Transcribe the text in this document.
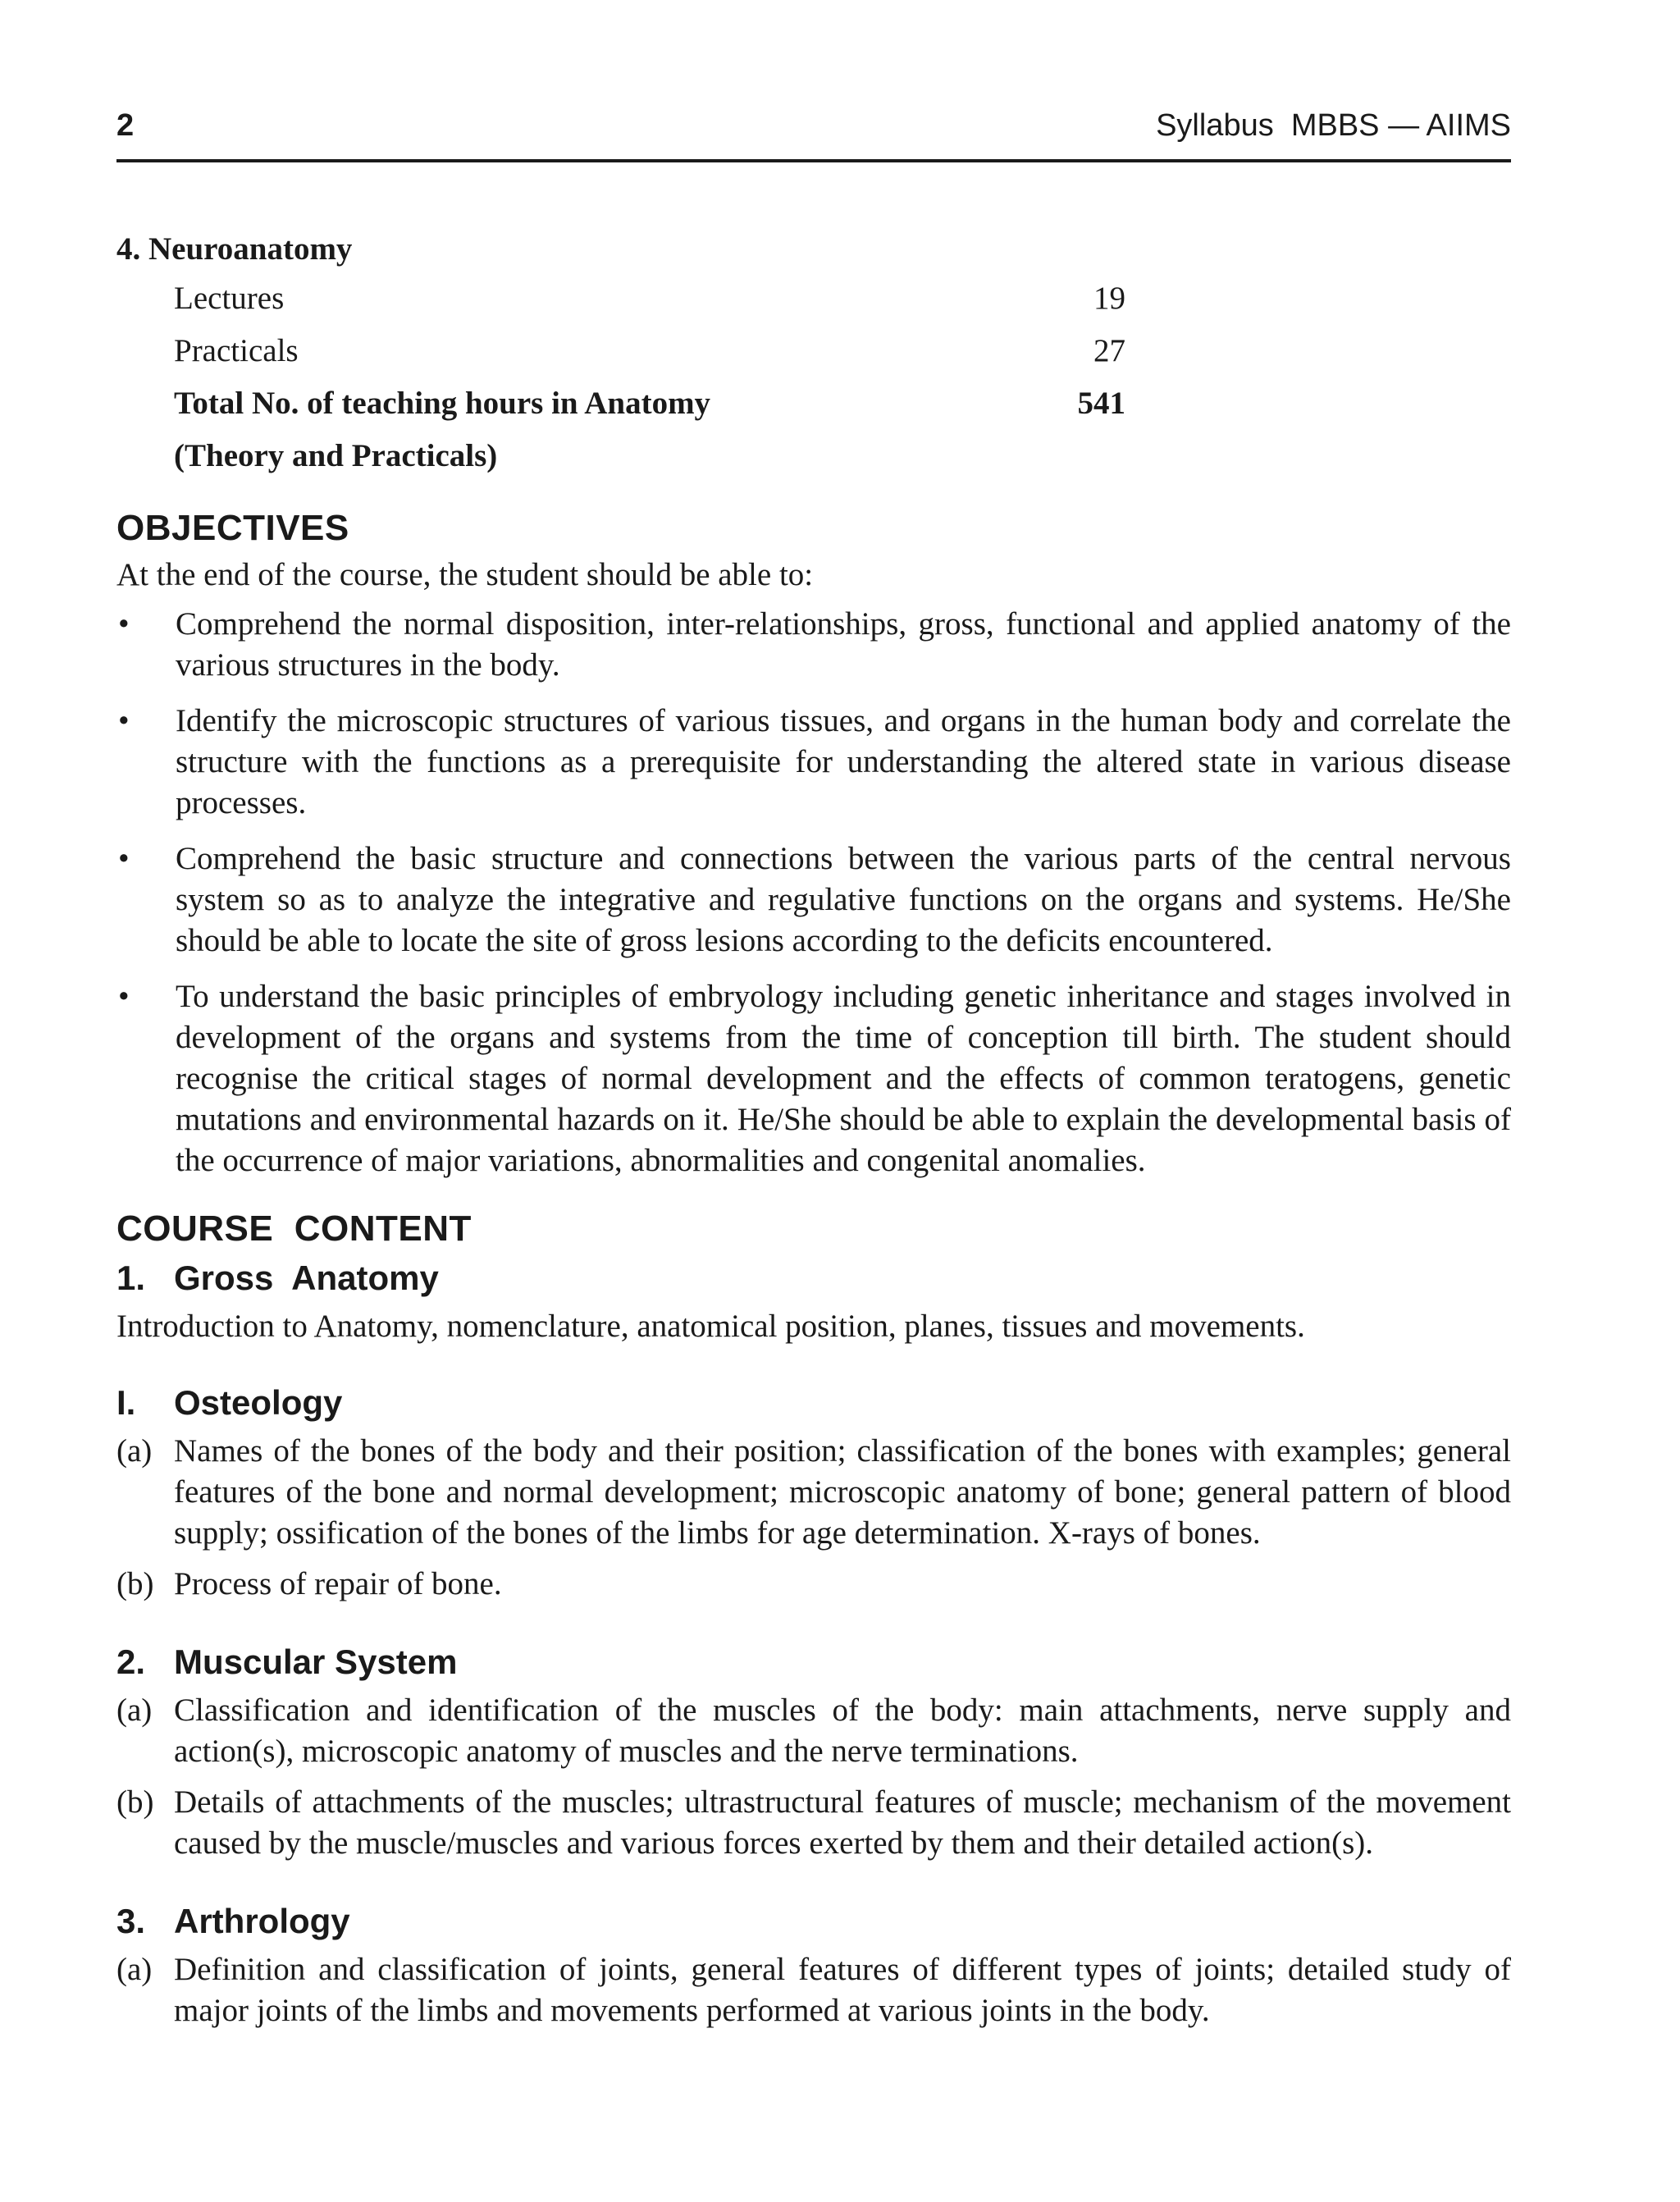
2	Syllabus  MBBS — AIIMS

4. Neuroanatomy

Lectures	19
Practicals	27
Total No. of teaching hours in Anatomy	541
(Theory and Practicals)
OBJECTIVES

At the end of the course, the student should be able to:

•	Comprehend the normal disposition, inter-relationships, gross, functional and applied anatomy of the various structures in the body.
•	Identify the microscopic structures of various tissues, and organs in the human body and correlate the structure with the functions as a prerequisite for understanding the altered state in various disease processes.
•	Comprehend the basic structure and connections between the various parts of the central nervous system so as to analyze the integrative and regulative functions on the organs and systems. He/She should be able to locate the site of gross lesions according to the deficits encountered.
•	To understand the basic principles of embryology including genetic inheritance and stages involved in development of the organs and systems from the time of conception till birth. The student should recognise the critical stages of normal development and the effects of common teratogens, genetic mutations and environmental hazards on it. He/She should be able to explain the developmental basis of the occurrence of major variations, abnormalities and congenital anomalies.
COURSE  CONTENT
1. Gross  Anatomy

Introduction to Anatomy, nomenclature, anatomical position, planes, tissues and movements.

I.	Osteology
(a) Names of the bones of the body and their position; classification of the bones with examples; general features of the bone and normal development; microscopic anatomy of bone; general pattern of blood supply; ossification of the bones of the limbs for age determination. X-rays of bones.
(b) Process of repair of bone.
2. Muscular System
(a) Classification and identification of the muscles of the body: main attachments, nerve supply and action(s), microscopic anatomy of muscles and the nerve terminations.
(b) Details of attachments of the muscles; ultrastructural features of muscle; mechanism of the movement caused by the muscle/muscles and various forces exerted by them and their detailed action(s).
3. Arthrology
(a) Definition and classification of joints, general features of different types of joints; detailed study of major joints of the limbs and movements performed at various joints in the body.
